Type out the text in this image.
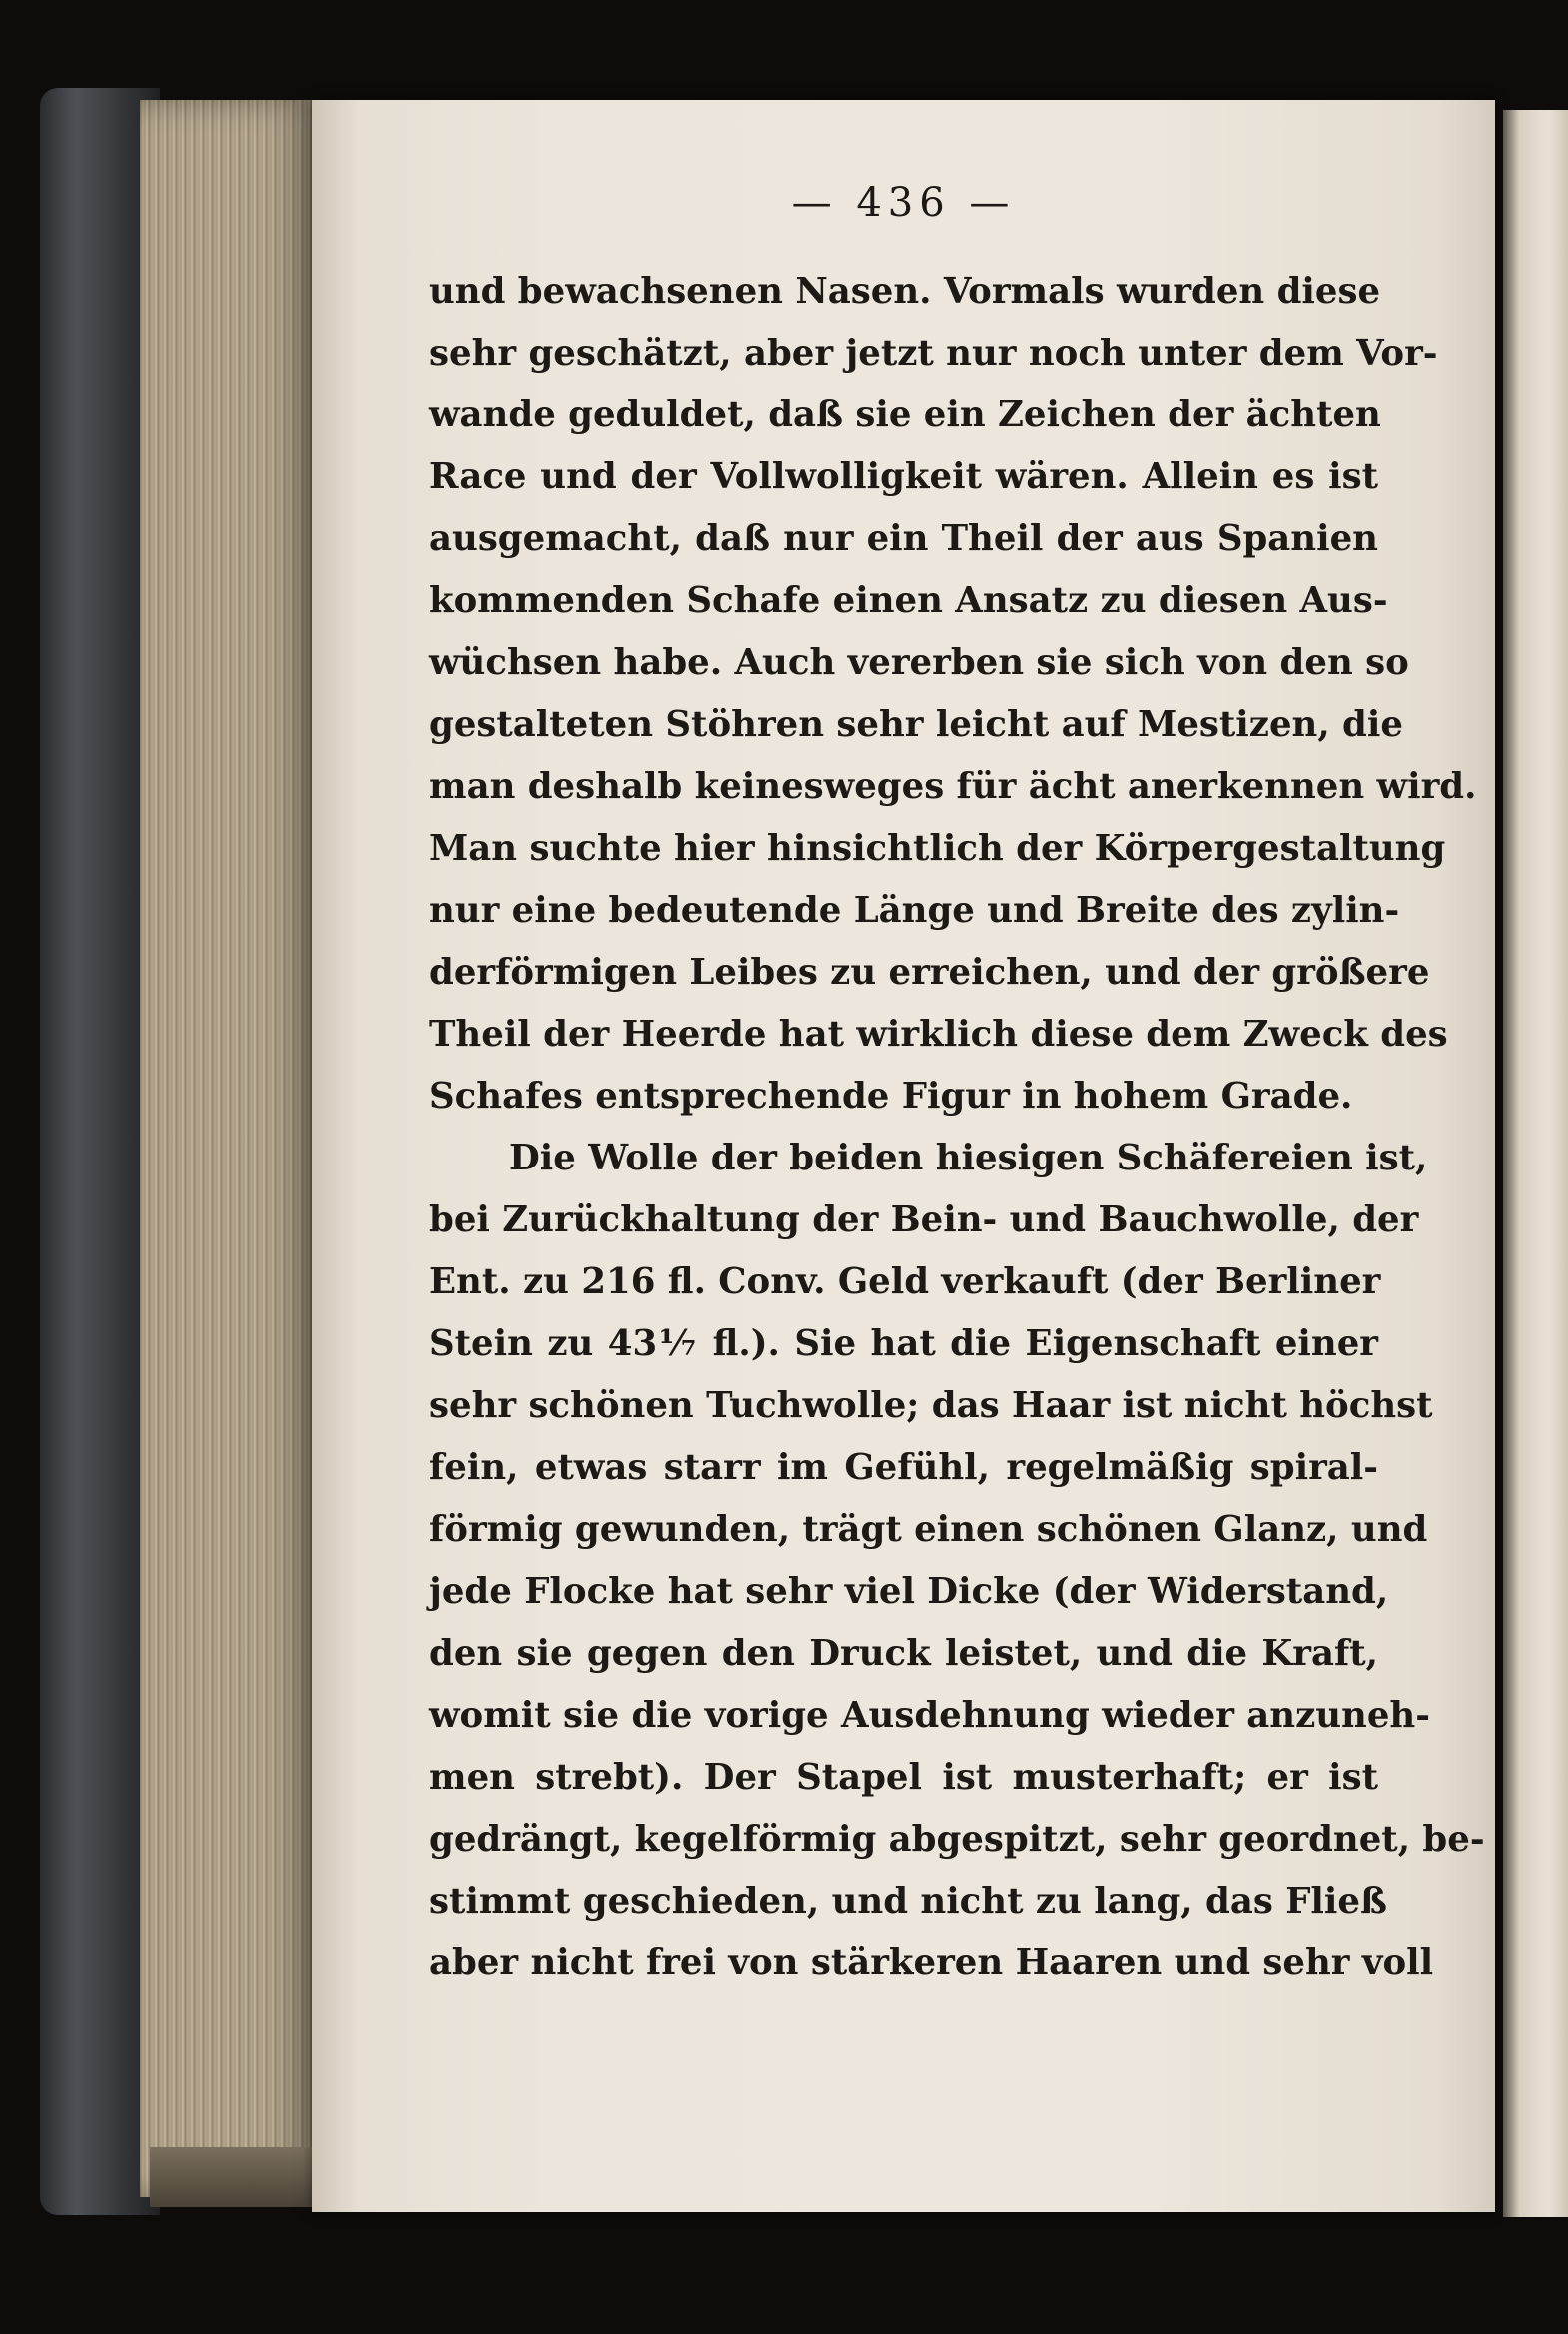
— 436 —
und bewachsenen Nasen. Vormals wurden diese
sehr geschätzt, aber jetzt nur noch unter dem Vor-
wande geduldet, daß sie ein Zeichen der ächten
Race und der Vollwolligkeit wären. Allein es ist
ausgemacht, daß nur ein Theil der aus Spanien
kommenden Schafe einen Ansatz zu diesen Aus-
wüchsen habe. Auch vererben sie sich von den so
gestalteten Stöhren sehr leicht auf Mestizen, die
man deshalb keinesweges für ächt anerkennen wird.
Man suchte hier hinsichtlich der Körpergestaltung
nur eine bedeutende Länge und Breite des zylin-
derförmigen Leibes zu erreichen, und der größere
Theil der Heerde hat wirklich diese dem Zweck des
Schafes entsprechende Figur in hohem Grade.
Die Wolle der beiden hiesigen Schäfereien ist,
bei Zurückhaltung der Bein- und Bauchwolle, der
Ent. zu 216 fl. Conv. Geld verkauft (der Berliner
Stein zu 43⅐ fl.). Sie hat die Eigenschaft einer
sehr schönen Tuchwolle; das Haar ist nicht höchst
fein, etwas starr im Gefühl, regelmäßig spiral-
förmig gewunden, trägt einen schönen Glanz, und
jede Flocke hat sehr viel Dicke (der Widerstand,
den sie gegen den Druck leistet, und die Kraft,
womit sie die vorige Ausdehnung wieder anzuneh-
men strebt). Der Stapel ist musterhaft; er ist
gedrängt, kegelförmig abgespitzt, sehr geordnet, be-
stimmt geschieden, und nicht zu lang, das Fließ
aber nicht frei von stärkeren Haaren und sehr voll
